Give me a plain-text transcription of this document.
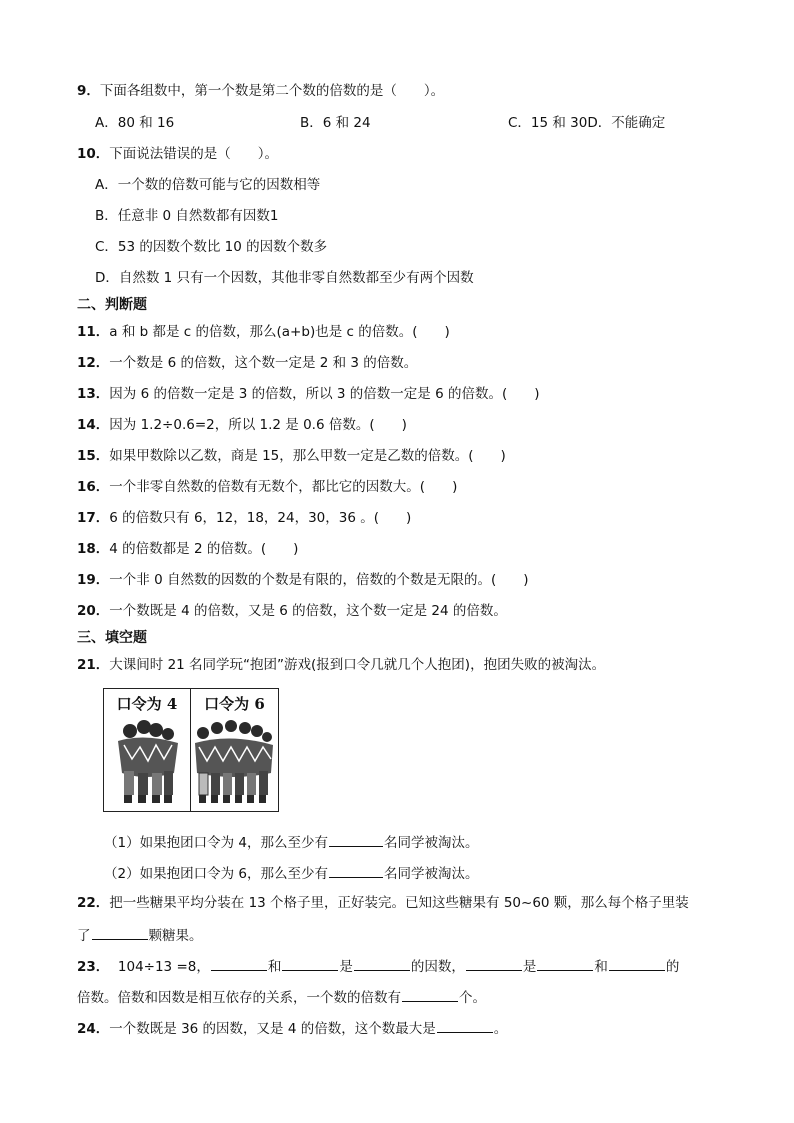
9．下面各组数中，第一个数是第二个数的倍数的是（　　）。
A．80 和 16	B．6 和 24	C．15 和 30D．不能确定
10．下面说法错误的是（　　）。
A．一个数的倍数可能与它的因数相等
B．任意非 0 自然数都有因数1
C．53 的因数个数比 10 的因数个数多
D．自然数 1 只有一个因数，其他非零自然数都至少有两个因数
二、判断题
11．a 和 b 都是 c 的倍数，那么(a+b)也是 c 的倍数。(　　)
12．一个数是 6 的倍数，这个数一定是 2 和 3 的倍数。
13．因为 6 的倍数一定是 3 的倍数，所以 3 的倍数一定是 6 的倍数。(　　)
14．因为 1.2÷0.6=2，所以 1.2 是 0.6 倍数。(　　)
15．如果甲数除以乙数，商是 15，那么甲数一定是乙数的倍数。(　　)
16．一个非零自然数的倍数有无数个，都比它的因数大。(　　)
17．6 的倍数只有 6，12，18，24，30，36 。(　　)
18．4 的倍数都是 2 的倍数。(　　)
19．一个非 0 自然数的因数的个数是有限的，倍数的个数是无限的。(　　)
20．一个数既是 4 的倍数，又是 6 的倍数，这个数一定是 24 的倍数。
三、填空题
21．大课间时 21 名同学玩“抱团”游戏(报到口令几就几个人抱团)，抱团失败的被淘汰。
口令为 4	口令为 6
（1）如果抱团口令为 4，那么至少有	名同学被淘汰。
（2）如果抱团口令为 6，那么至少有	名同学被淘汰。
22．把一些糖果平均分装在 13 个格子里，正好装完。已知这些糖果有 50~60 颗，那么每个格子里装
了	颗糖果。
23． 104÷13 =8，	和	是	的因数，	是	和	的
倍数。倍数和因数是相互依存的关系，一个数的倍数有	个。
24．一个数既是 36 的因数，又是 4 的倍数，这个数最大是	。
